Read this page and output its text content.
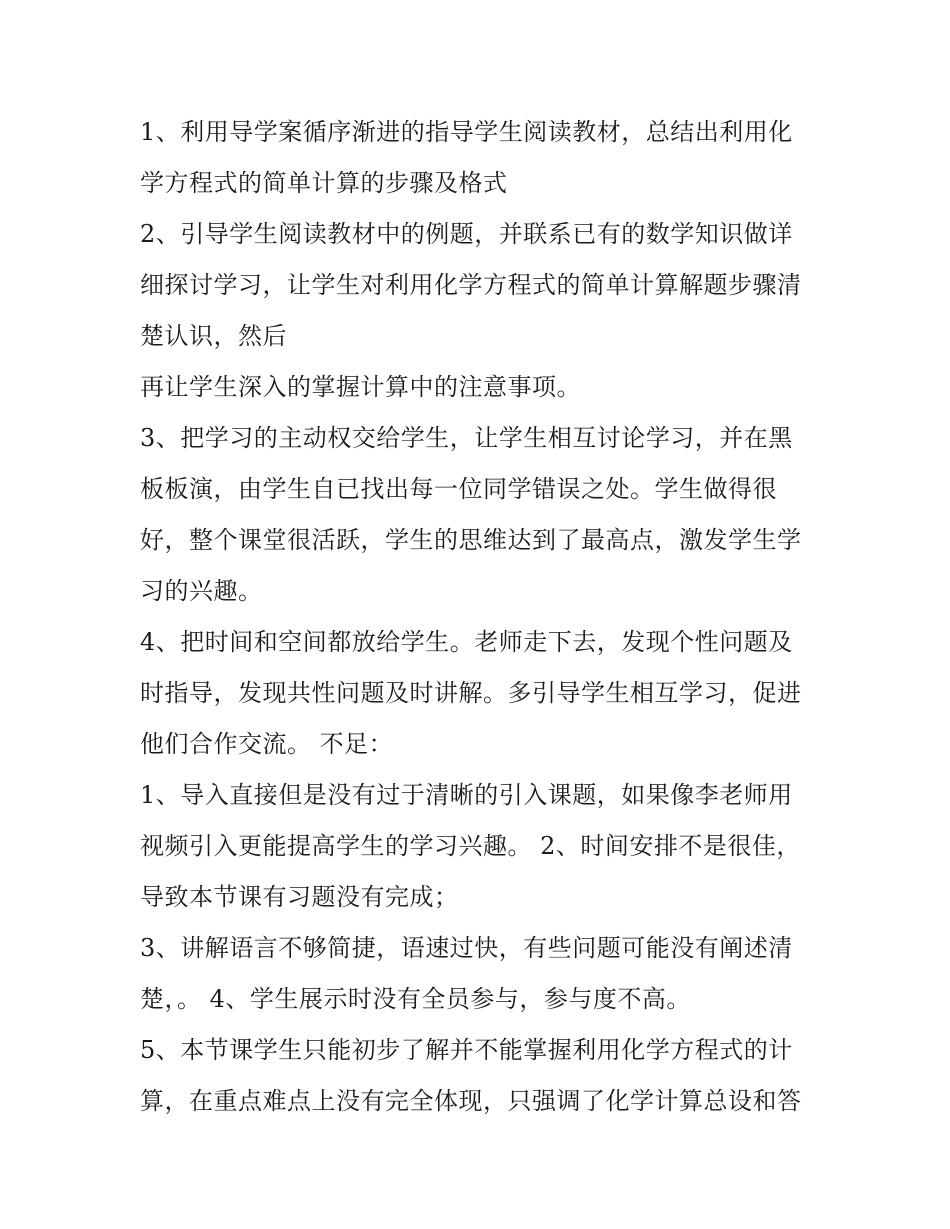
1、利用导学案循序渐进的指导学生阅读教材，总结出利用化
学方程式的简单计算的步骤及格式
2、引导学生阅读教材中的例题，并联系已有的数学知识做详
细探讨学习，让学生对利用化学方程式的简单计算解题步骤清
楚认识，然后
再让学生深入的掌握计算中的注意事项。
3、把学习的主动权交给学生，让学生相互讨论学习，并在黑
板板演，由学生自已找出每一位同学错误之处。学生做得很
好，整个课堂很活跃，学生的思维达到了最高点，激发学生学
习的兴趣。
4、把时间和空间都放给学生。老师走下去，发现个性问题及
时指导，发现共性问题及时讲解。多引导学生相互学习，促进
他们合作交流。 不足：
1、导入直接但是没有过于清晰的引入课题，如果像李老师用
视频引入更能提高学生的学习兴趣。 2、时间安排不是很佳，
导致本节课有习题没有完成；
3、讲解语言不够简捷，语速过快，有些问题可能没有阐述清
楚，。 4、学生展示时没有全员参与，参与度不高。
5、本节课学生只能初步了解并不能掌握利用化学方程式的计
算，在重点难点上没有完全体现，只强调了化学计算总设和答
